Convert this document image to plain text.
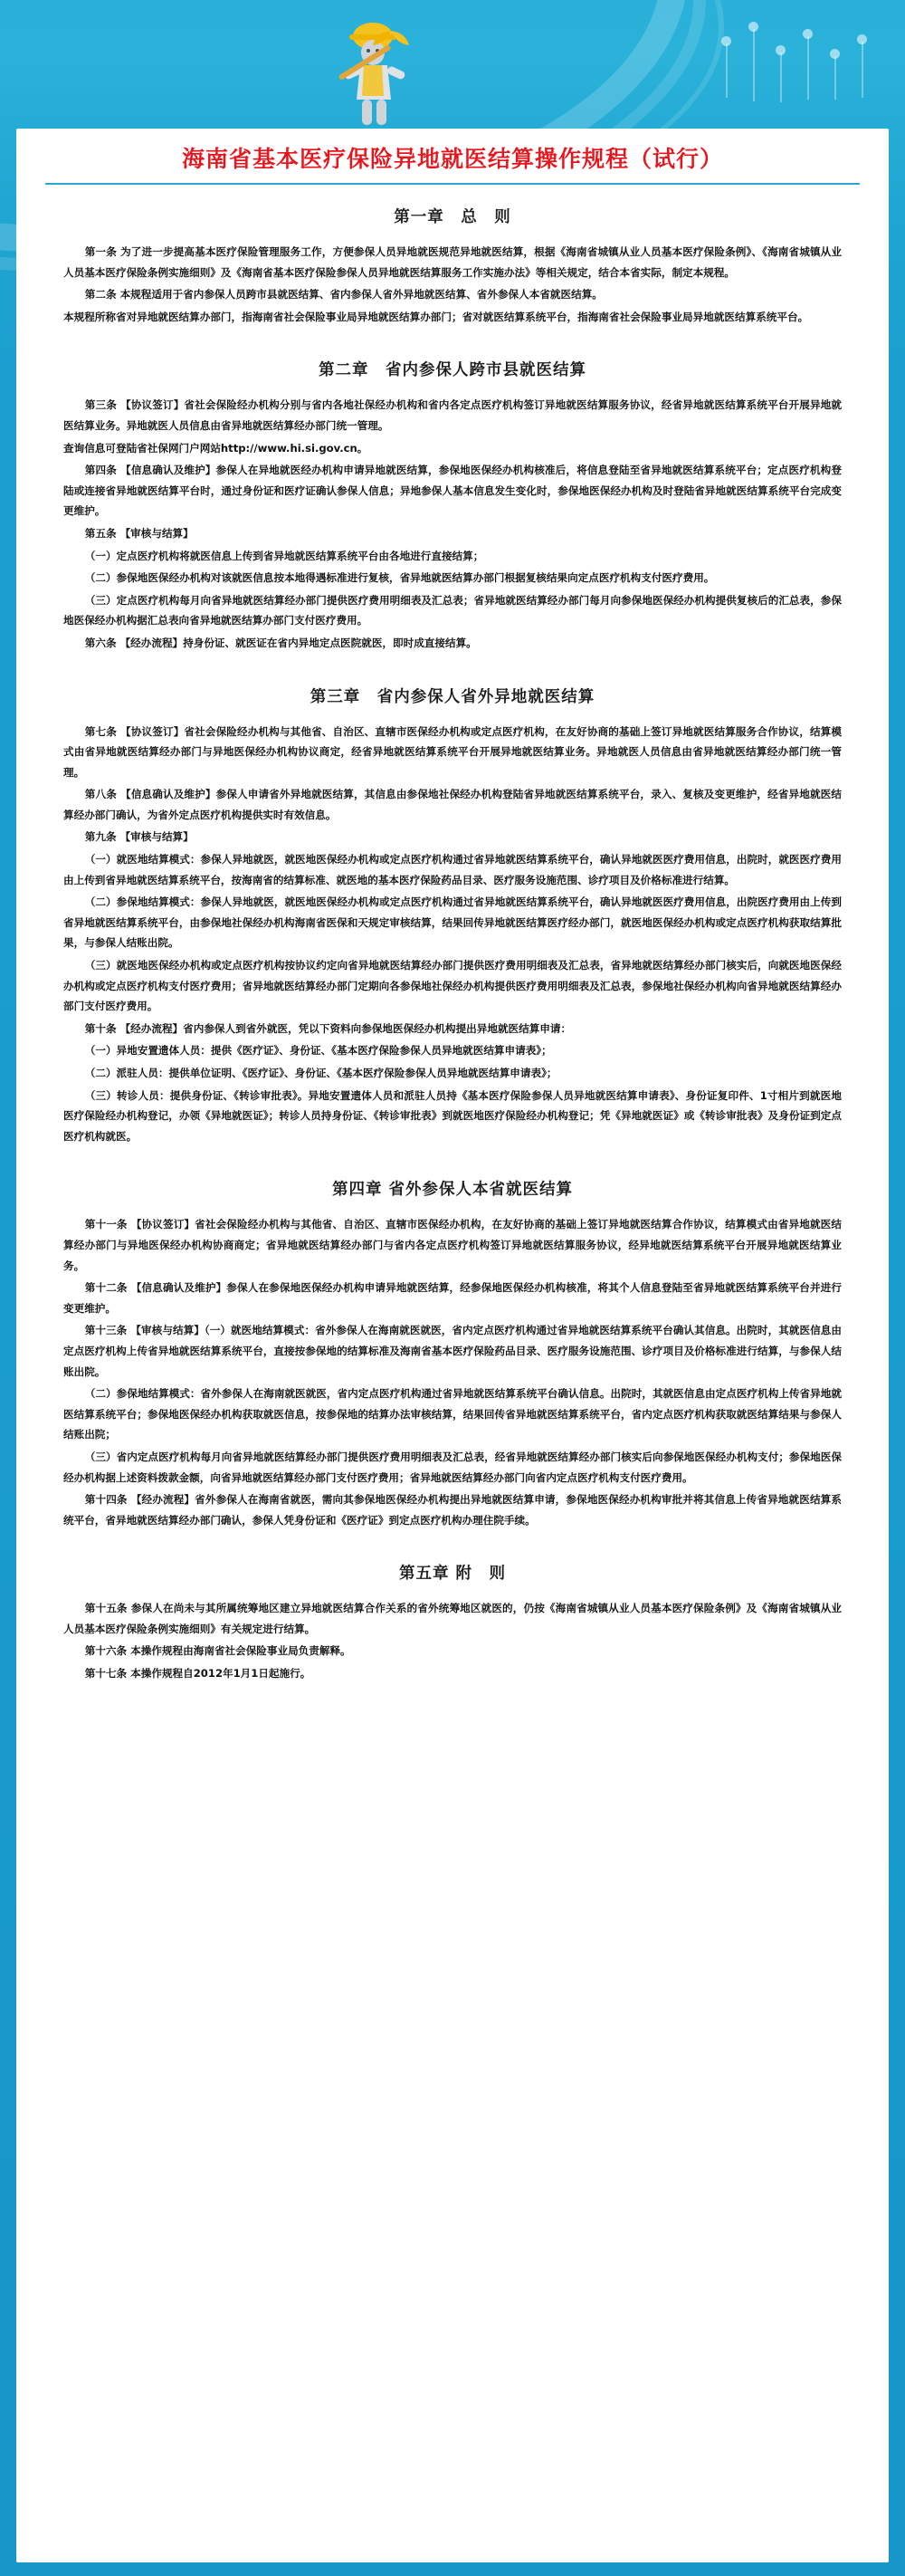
海南省基本医疗保险异地就医结算操作规程（试行）
第一章　总　则

第一条 为了进一步提高基本医疗保险管理服务工作，方便参保人员异地就医规范异地就医结算，根据《海南省城镇从业人员基本医疗保险条例》、《海南省城镇从业人员基本医疗保险条例实施细则》及《海南省基本医疗保险参保人员异地就医结算服务工作实施办法》等相关规定，结合本省实际，制定本规程。

第二条 本规程适用于省内参保人员跨市县就医结算、省内参保人省外异地就医结算、省外参保人本省就医结算。

本规程所称省对异地就医结算办部门，指海南省社会保险事业局异地就医结算办部门；省对就医结算系统平台，指海南省社会保险事业局异地就医结算系统平台。

第二章　省内参保人跨市县就医结算

第三条 【协议签订】省社会保险经办机构分别与省内各地社保经办机构和省内各定点医疗机构签订异地就医结算服务协议，经省异地就医结算系统平台开展异地就医结算业务。异地就医人员信息由省异地就医结算经办部门统一管理。

查询信息可登陆省社保网门户网站http://www.hi.si.gov.cn。

第四条 【信息确认及维护】参保人在异地就医经办机构申请异地就医结算，参保地医保经办机构核准后，将信息登陆至省异地就医结算系统平台；定点医疗机构登陆或连接省异地就医结算平台时，通过身份证和医疗证确认参保人信息；异地参保人基本信息发生变化时，参保地医保经办机构及时登陆省异地就医结算系统平台完成变更维护。

第五条 【审核与结算】

（一）定点医疗机构将就医信息上传到省异地就医结算系统平台由各地进行直接结算；

（二）参保地医保经办机构对该就医信息按本地得遇标准进行复核，省异地就医结算办部门根据复核结果向定点医疗机构支付医疗费用。

（三）定点医疗机构每月向省异地就医结算经办部门提供医疗费用明细表及汇总表；省异地就医结算经办部门每月向参保地医保经办机构提供复核后的汇总表，参保地医保经办机构据汇总表向省异地就医结算办部门支付医疗费用。

第六条 【经办流程】持身份证、就医证在省内异地定点医院就医，即时成直接结算。

第三章　省内参保人省外异地就医结算

第七条 【协议签订】省社会保险经办机构与其他省、自治区、直辖市医保经办机构或定点医疗机构，在友好协商的基础上签订异地就医结算服务合作协议，结算模式由省异地就医结算经办部门与异地医保经办机构协议商定，经省异地就医结算系统平台开展异地就医结算业务。异地就医人员信息由省异地就医结算经办部门统一管理。

第八条 【信息确认及维护】参保人申请省外异地就医结算，其信息由参保地社保经办机构登陆省异地就医结算系统平台，录入、复核及变更维护，经省异地就医结算经办部门确认，为省外定点医疗机构提供实时有效信息。

第九条 【审核与结算】

（一）就医地结算模式：参保人异地就医，就医地医保经办机构或定点医疗机构通过省异地就医结算系统平台，确认异地就医医疗费用信息，出院时，就医医疗费用由上传到省异地就医结算系统平台，按海南省的结算标准、就医地的基本医疗保险药品目录、医疗服务设施范围、诊疗项目及价格标准进行结算。

（二）参保地结算模式：参保人异地就医，就医地医保经办机构或定点医疗机构通过省异地就医结算系统平台，确认异地就医医疗费用信息，出院医疗费用由上传到省异地就医结算系统平台，由参保地社保经办机构海南省医保和天规定审核结算，结果回传异地就医结算医疗经办部门，就医地医保经办机构或定点医疗机构获取结算批果，与参保人结账出院。

（三）就医地医保经办机构或定点医疗机构按协议约定向省异地就医结算经办部门提供医疗费用明细表及汇总表，省异地就医结算经办部门核实后，向就医地医保经办机构或定点医疗机构支付医疗费用；省异地就医结算经办部门定期向各参保地社保经办机构提供医疗费用明细表及汇总表，参保地社保经办机构向省异地就医结算经办部门支付医疗费用。

第十条 【经办流程】省内参保人到省外就医，凭以下资料向参保地医保经办机构提出异地就医结算申请：

（一）异地安置遗体人员：提供《医疗证》、身份证、《基本医疗保险参保人员异地就医结算申请表》；

（二）派驻人员：提供单位证明、《医疗证》、身份证、《基本医疗保险参保人员异地就医结算申请表》；

（三）转诊人员：提供身份证、《转诊审批表》。异地安置遗体人员和派驻人员持《基本医疗保险参保人员异地就医结算申请表》、身份证复印件、1寸相片到就医地医疗保险经办机构登记，办领《异地就医证》；转诊人员持身份证、《转诊审批表》到就医地医疗保险经办机构登记；凭《异地就医证》或《转诊审批表》及身份证到定点医疗机构就医。

第四章 省外参保人本省就医结算

第十一条 【协议签订】省社会保险经办机构与其他省、自治区、直辖市医保经办机构，在友好协商的基础上签订异地就医结算合作协议，结算模式由省异地就医结算经办部门与异地医保经办机构协商商定；省异地就医结算经办部门与省内各定点医疗机构签订异地就医结算服务协议，经异地就医结算系统平台开展异地就医结算业务。

第十二条 【信息确认及维护】参保人在参保地医保经办机构申请异地就医结算，经参保地医保经办机构核准，将其个人信息登陆至省异地就医结算系统平台并进行变更维护。

第十三条 【审核与结算】（一）就医地结算模式：省外参保人在海南就医就医，省内定点医疗机构通过省异地就医结算系统平台确认其信息。出院时，其就医信息由定点医疗机构上传省异地就医结算系统平台，直接按参保地的结算标准及海南省基本医疗保险药品目录、医疗服务设施范围、诊疗项目及价格标准进行结算，与参保人结账出院。

（二）参保地结算模式：省外参保人在海南就医就医，省内定点医疗机构通过省异地就医结算系统平台确认信息。出院时，其就医信息由定点医疗机构上传省异地就医结算系统平台；参保地医保经办机构获取就医信息，按参保地的结算办法审核结算，结果回传省异地就医结算系统平台，省内定点医疗机构获取就医结算结果与参保人结账出院；

（三）省内定点医疗机构每月向省异地就医结算经办部门提供医疗费用明细表及汇总表，经省异地就医结算经办部门核实后向参保地医保经办机构支付；参保地医保经办机构据上述资料拨款金额，向省异地就医结算经办部门支付医疗费用；省异地就医结算经办部门向省内定点医疗机构支付医疗费用。

第十四条 【经办流程】省外参保人在海南省就医，需向其参保地医保经办机构提出异地就医结算申请，参保地医保经办机构审批并将其信息上传省异地就医结算系统平台，省异地就医结算经办部门确认，参保人凭身份证和《医疗证》到定点医疗机构办理住院手续。

第五章 附　则

第十五条 参保人在尚未与其所属统筹地区建立异地就医结算合作关系的省外统筹地区就医的，仍按《海南省城镇从业人员基本医疗保险条例》及《海南省城镇从业人员基本医疗保险条例实施细则》有关规定进行结算。

第十六条 本操作规程由海南省社会保险事业局负责解释。

第十七条 本操作规程自2012年1月1日起施行。
